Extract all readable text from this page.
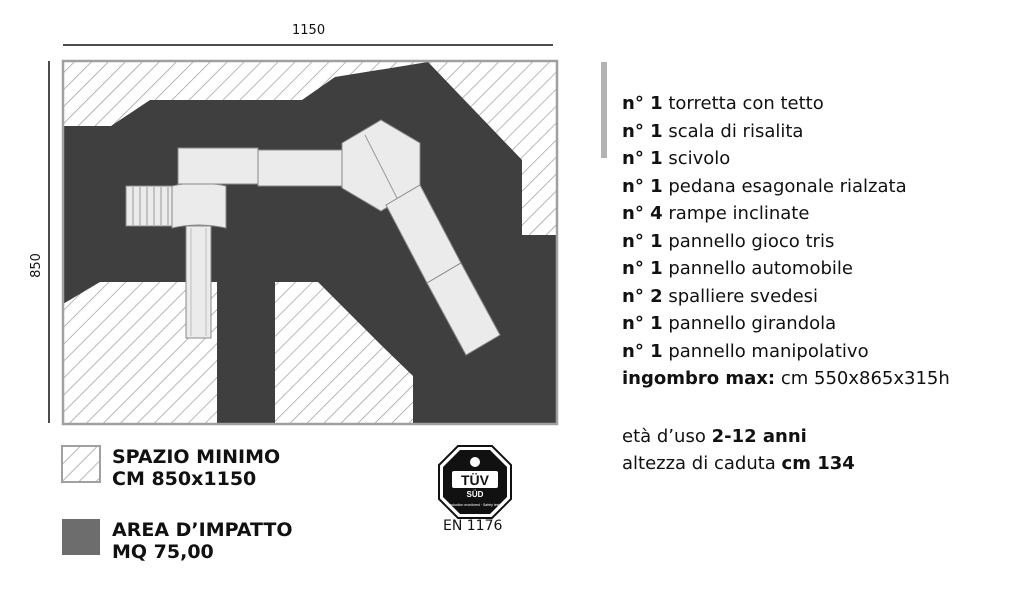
1150
850
TÜV
SÜD
Production monitored · Safety tested
EN 1176
SPAZIO MINIMO
CM 850x1150
AREA D’IMPATTO
MQ 75,00
n° 1 torretta con tetto
n° 1 scala di risalita
n° 1 scivolo
n° 1 pedana esagonale rialzata
n° 4 rampe inclinate
n° 1 pannello gioco tris
n° 1 pannello automobile
n° 2 spalliere svedesi
n° 1 pannello girandola
n° 1 pannello manipolativo
ingombro max: cm 550x865x315h
età d’uso 2-12 anni
altezza di caduta cm 134
